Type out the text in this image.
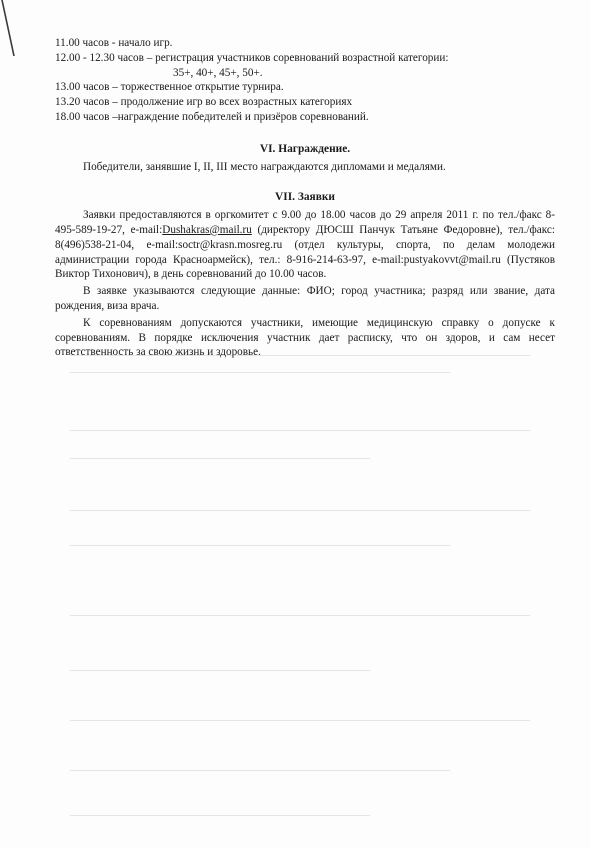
11.00 часов - начало игр.

12.00 - 12.30 часов – регистрация участников соревнований возрастной категории:

35+, 40+, 45+, 50+.

13.00 часов – торжественное открытие турнира.

13.20 часов – продолжение игр во всех возрастных категориях

18.00 часов –награждение победителей и призёров соревнований.

VI. Награждение.

Победители, занявшие I, II, III место награждаются дипломами и медалями.

VII. Заявки

Заявки предоставляются в оргкомитет с 9.00 до 18.00 часов до 29 апреля 2011 г. по тел./факс 8-495-589-19-27, e-mail:Dushakras@mail.ru (директору ДЮСШ Панчук Татьяне Федоровне), тел./факс: 8(496)538-21-04, e-mail:soctr@krasn.mosreg.ru (отдел культуры, спорта, по делам молодежи администрации города Красноармейск), тел.: 8-916-214-63-97, e-mail:pustyakovvt@mail.ru (Пустяков Виктор Тихонович), в день соревнований до 10.00 часов.

В заявке указываются следующие данные: ФИО; город участника; разряд или звание, дата рождения, виза врача.

К соревнованиям допускаются участники, имеющие медицинскую справку о допуске к соревнованиям. В порядке исключения участник дает расписку, что он здоров, и сам несет ответственность за свою жизнь и здоровье.
